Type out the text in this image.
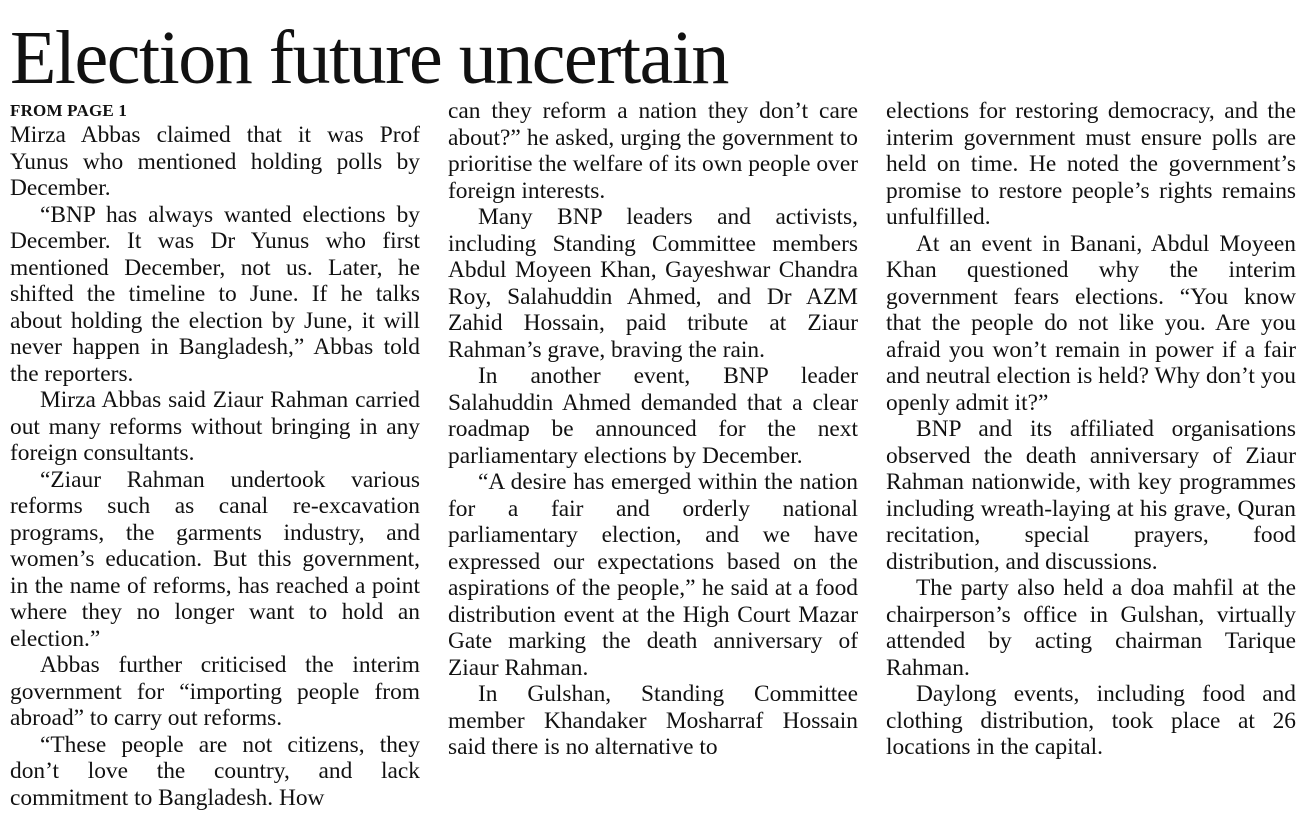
Election future uncertain
FROM PAGE 1

Mirza Abbas claimed that it was Prof Yunus who mentioned holding polls by December.

“BNP has always wanted elections by December. It was Dr Yunus who first mentioned December, not us. Later, he shifted the timeline to June. If he talks about holding the election by June, it will never happen in Bangladesh,” Abbas told the reporters.

Mirza Abbas said Ziaur Rahman carried out many reforms without bringing in any foreign consultants.

“Ziaur Rahman undertook various reforms such as canal re-excavation programs, the garments industry, and women’s education. But this government, in the name of reforms, has reached a point where they no longer want to hold an election.”

Abbas further criticised the interim government for “importing people from abroad” to carry out reforms.

“These people are not citizens, they don’t love the country, and lack commitment to Bangladesh. How

can they reform a nation they don’t care about?” he asked, urging the government to prioritise the welfare of its own people over foreign interests.

Many BNP leaders and activists, including Standing Committee members Abdul Moyeen Khan, Gayeshwar Chandra Roy, Salahuddin Ahmed, and Dr AZM Zahid Hossain, paid tribute at Ziaur Rahman’s grave, braving the rain.

In another event, BNP leader Salahuddin Ahmed demanded that a clear roadmap be announced for the next parliamentary elections by December.

“A desire has emerged within the nation for a fair and orderly national parliamentary election, and we have expressed our expectations based on the aspirations of the people,” he said at a food distribution event at the High Court Mazar Gate marking the death anniversary of Ziaur Rahman.

In Gulshan, Standing Committee member Khandaker Mosharraf Hossain said there is no alternative to

elections for restoring democracy, and the interim government must ensure polls are held on time. He noted the government’s promise to restore people’s rights remains unfulfilled.

At an event in Banani, Abdul Moyeen Khan questioned why the interim government fears elections. “You know that the people do not like you. Are you afraid you won’t remain in power if a fair and neutral election is held? Why don’t you openly admit it?”

BNP and its affiliated organisations observed the death anniversary of Ziaur Rahman nationwide, with key programmes including wreath-laying at his grave, Quran recitation, special prayers, food distribution, and discussions.

The party also held a doa mahfil at the chairperson’s office in Gulshan, virtually attended by acting chairman Tarique Rahman.

Daylong events, including food and clothing distribution, took place at 26 locations in the capital.
